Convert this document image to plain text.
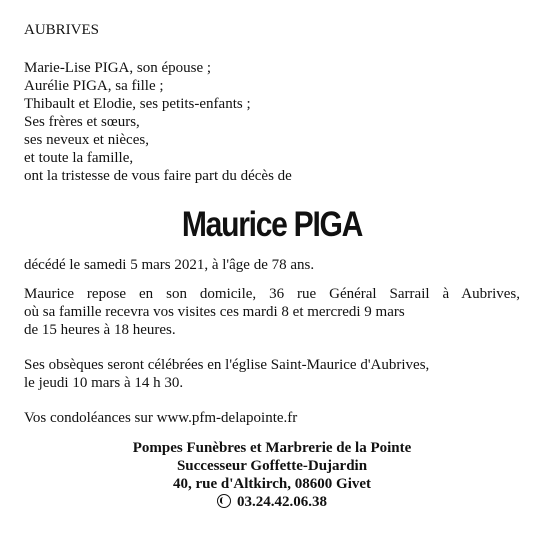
AUBRIVES
Marie-Lise PIGA, son épouse ;
Aurélie PIGA, sa fille ;
Thibault et Elodie, ses petits-enfants ;
Ses frères et sœurs,
ses neveux et nièces,
et toute la famille,
ont la tristesse de vous faire part du décès de
Maurice PIGA
décédé le samedi 5 mars 2021, à l'âge de 78 ans.
Maurice repose en son domicile, 36 rue Général Sarrail à Aubrives,
où sa famille recevra vos visites ces mardi 8 et mercredi 9 mars
de 15 heures à 18 heures.
Ses obsèques seront célébrées en l'église Saint-Maurice d'Aubrives,
le jeudi 10 mars à 14 h 30.
Vos condoléances sur www.pfm-delapointe.fr
Pompes Funèbres et Marbrerie de la Pointe
Successeur Goffette-Dujardin
40, rue d'Altkirch, 08600 Givet
03.24.42.06.38
